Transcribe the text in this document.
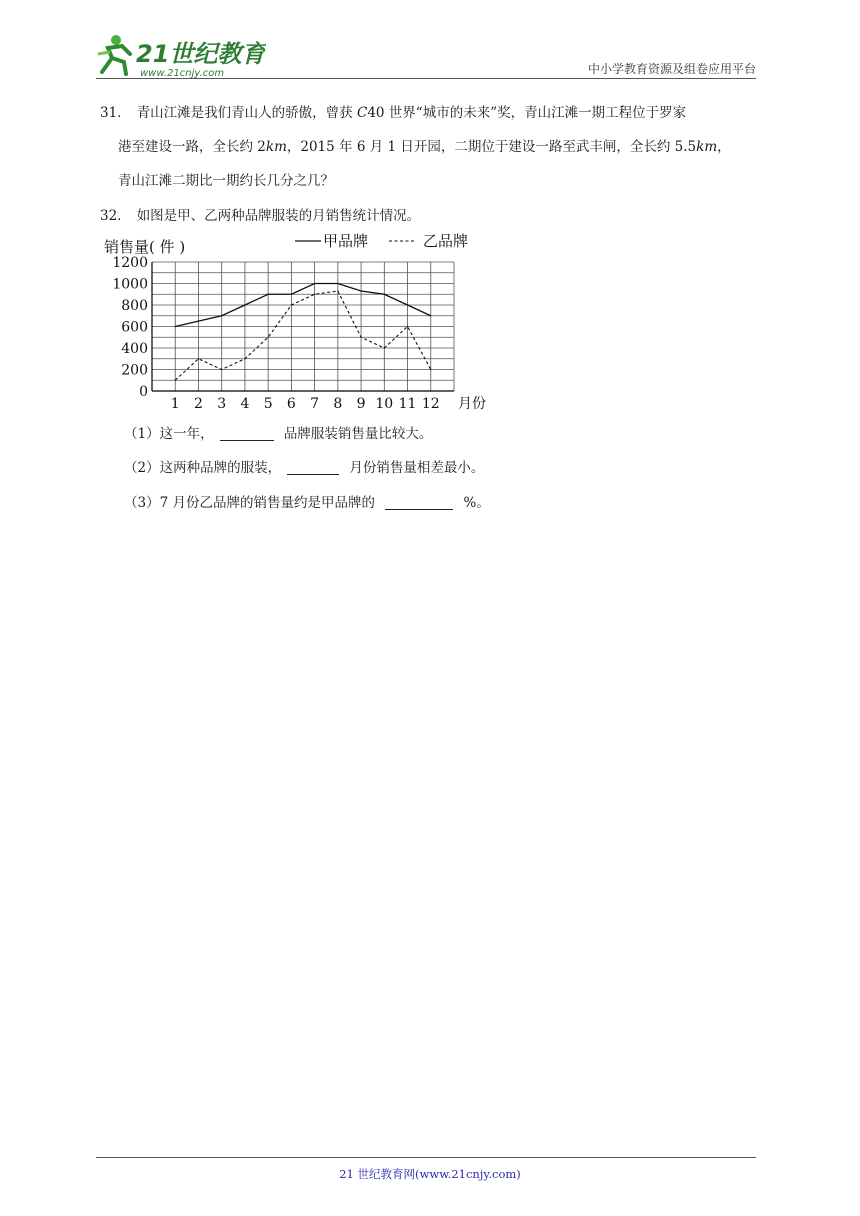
21世纪教育
www.21cnjy.com	中小学教育资源及组卷应用平台
31． 青山江滩是我们青山人的骄傲，曾获 C40 世界“城市的未来”奖，青山江滩一期工程位于罗家
港至建设一路，全长约 2km，2015 年 6 月 1 日开园，二期位于建设一路至武丰闸，全长约 5.5km，
青山江滩二期比一期约长几分之几？
32． 如图是甲、乙两种品牌服装的月销售统计情况。
0
200
400
600
800
1000
1200
1 2 3 4 5 6 7 8 9 10 11 12 月份
销售量( 件 )	甲品牌	乙品牌
（1）这一年，	品牌服装销售量比较大。
（2）这两种品牌的服装，	月份销售量相差最小。
（3）7 月份乙品牌的销售量约是甲品牌的	%。
21 世纪教育网(www.21cnjy.com)
